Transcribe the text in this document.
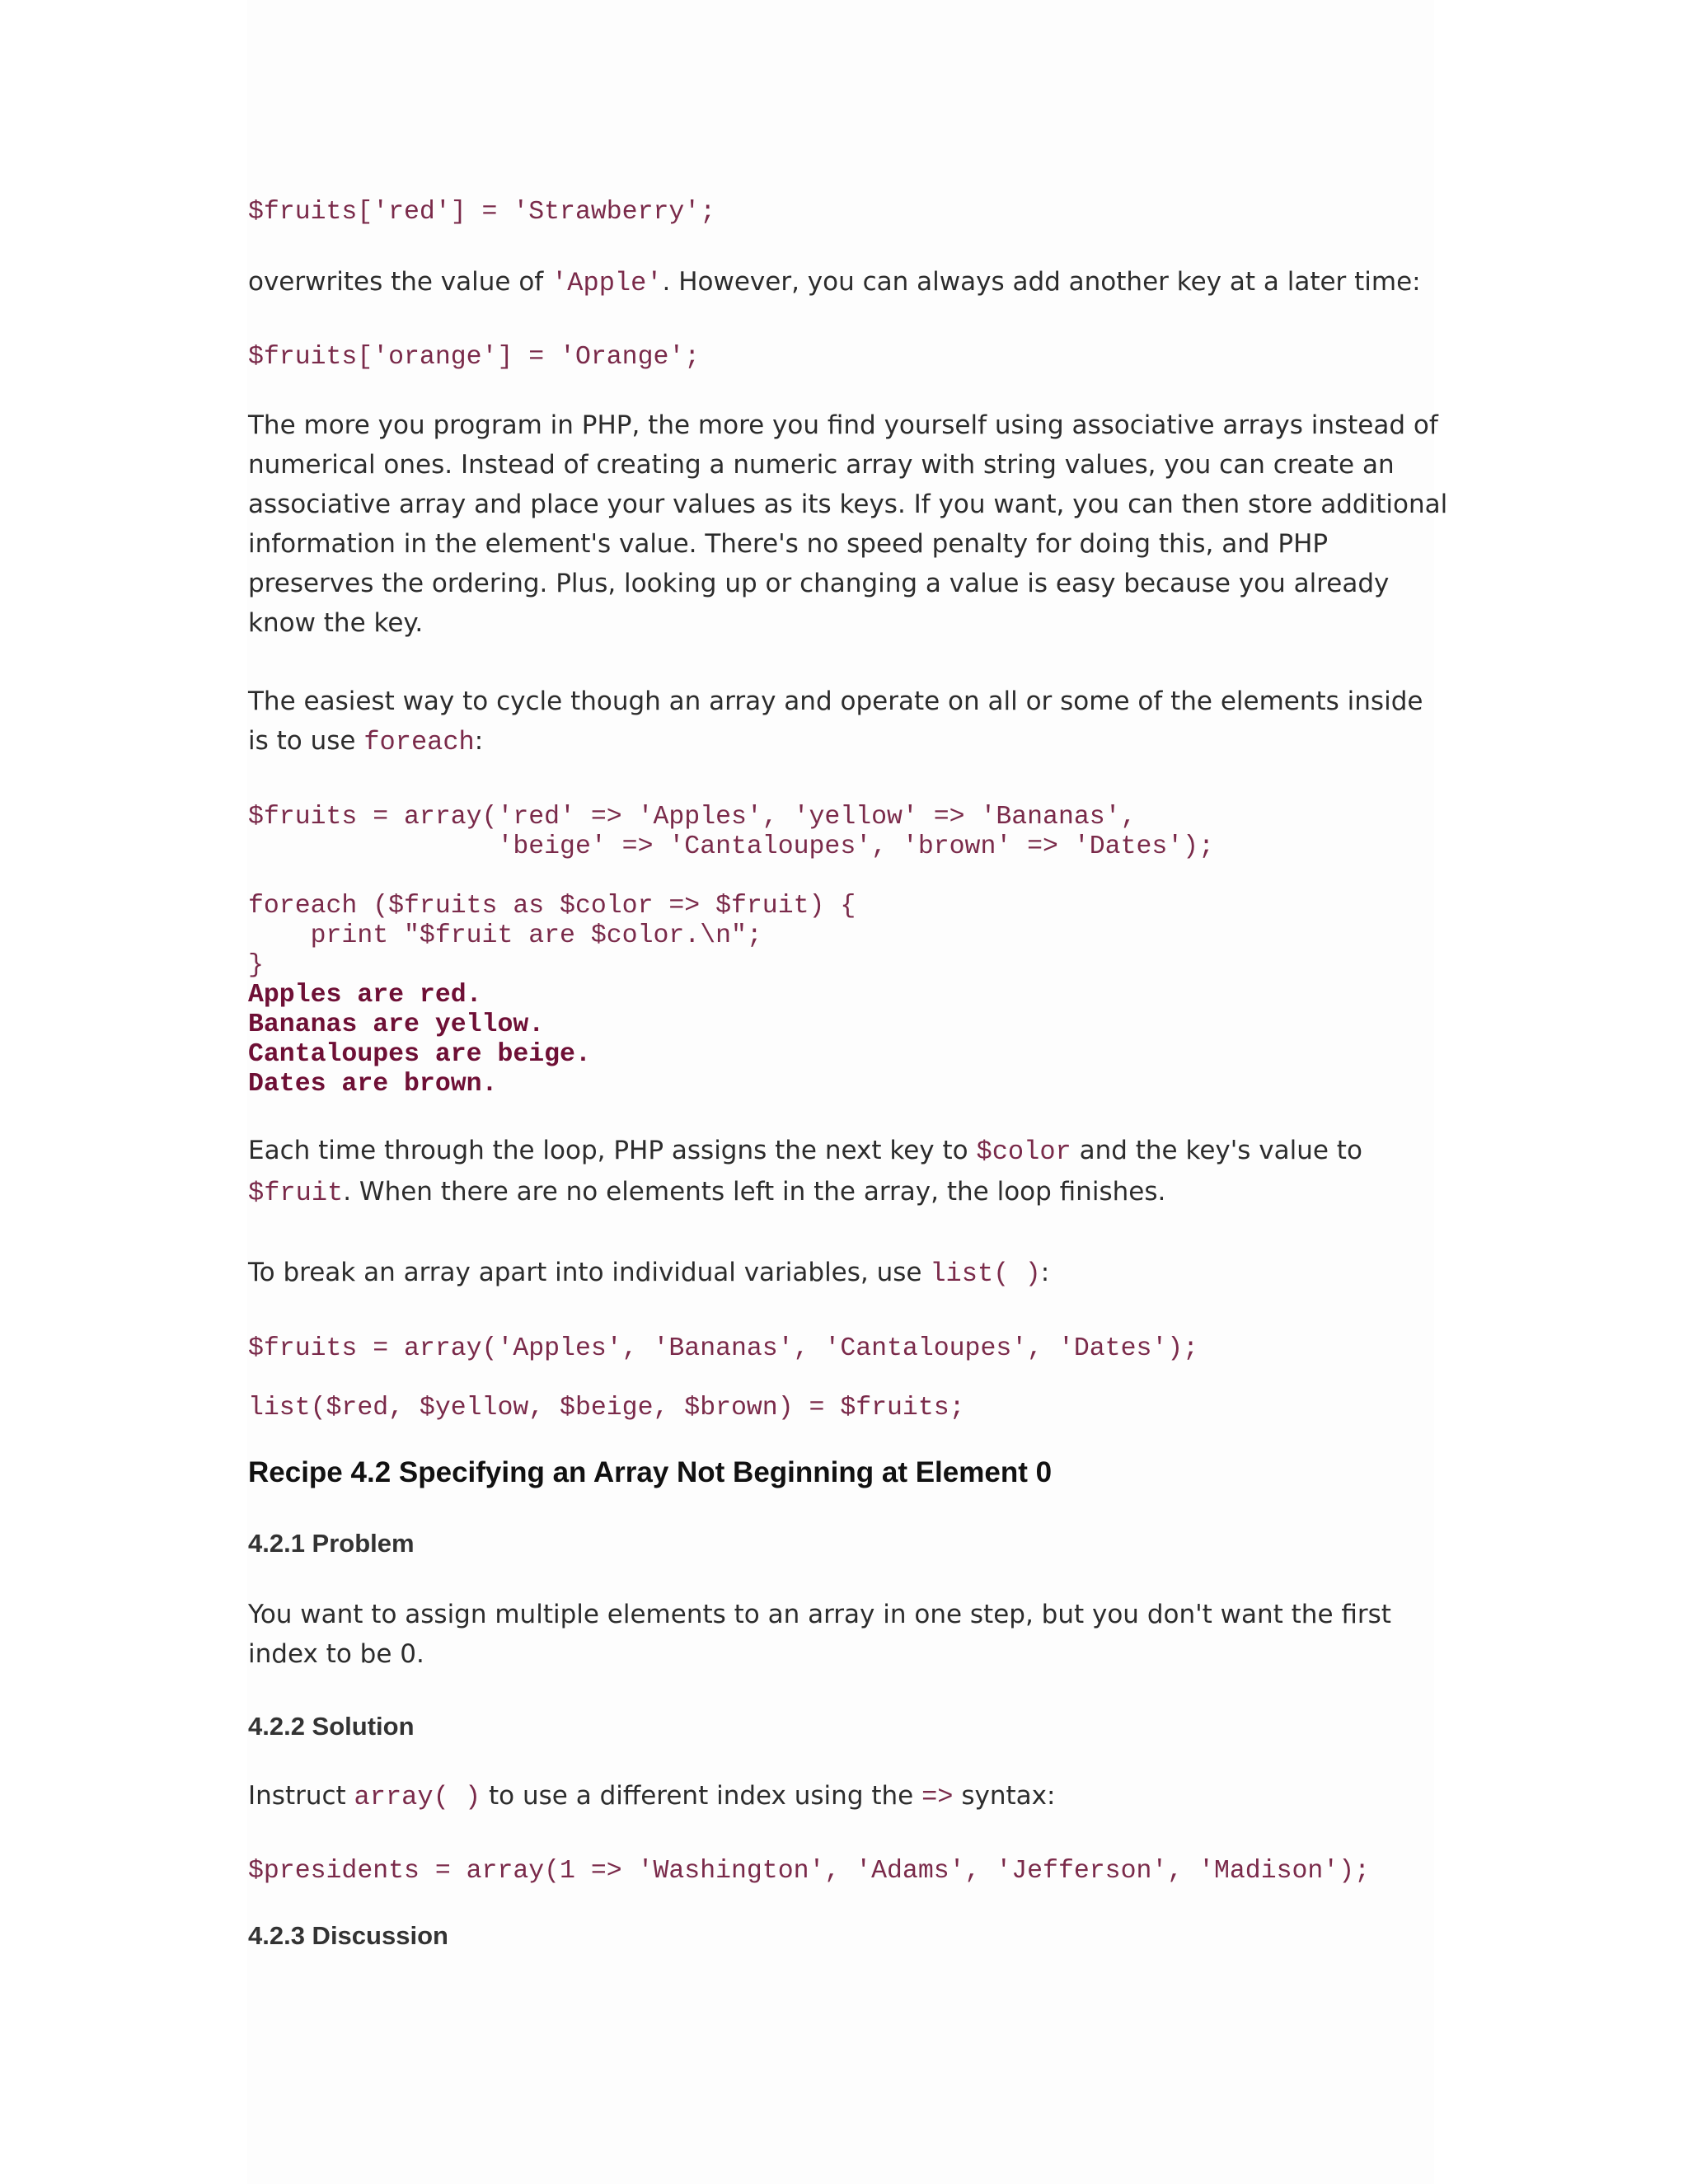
$fruits['red'] = 'Strawberry';

overwrites the value of 'Apple'. However, you can always add another key at a later time:

$fruits['orange'] = 'Orange';

The more you program in PHP, the more you find yourself using associative arrays instead of numerical ones. Instead of creating a numeric array with string values, you can create an associative array and place your values as its keys. If you want, you can then store additional information in the element's value. There's no speed penalty for doing this, and PHP preserves the ordering. Plus, looking up or changing a value is easy because you already know the key.

The easiest way to cycle though an array and operate on all or some of the elements inside is to use foreach:

$fruits = array('red' => 'Apples', 'yellow' => 'Bananas',
'beige' => 'Cantaloupes', 'brown' => 'Dates');

foreach ($fruits as $color => $fruit) {
print "$fruit are $color.\n";
}
Apples are red.
Bananas are yellow.
Cantaloupes are beige.
Dates are brown.

Each time through the loop, PHP assigns the next key to $color and the key's value to $fruit. When there are no elements left in the array, the loop finishes.

To break an array apart into individual variables, use list( ):

$fruits = array('Apples', 'Bananas', 'Cantaloupes', 'Dates');

list($red, $yellow, $beige, $brown) = $fruits;
Recipe 4.2 Specifying an Array Not Beginning at Element 0
4.2.1 Problem

You want to assign multiple elements to an array in one step, but you don't want the first index to be 0.

4.2.2 Solution

Instruct array( ) to use a different index using the => syntax:

$presidents = array(1 => 'Washington', 'Adams', 'Jefferson', 'Madison');
4.2.3 Discussion
